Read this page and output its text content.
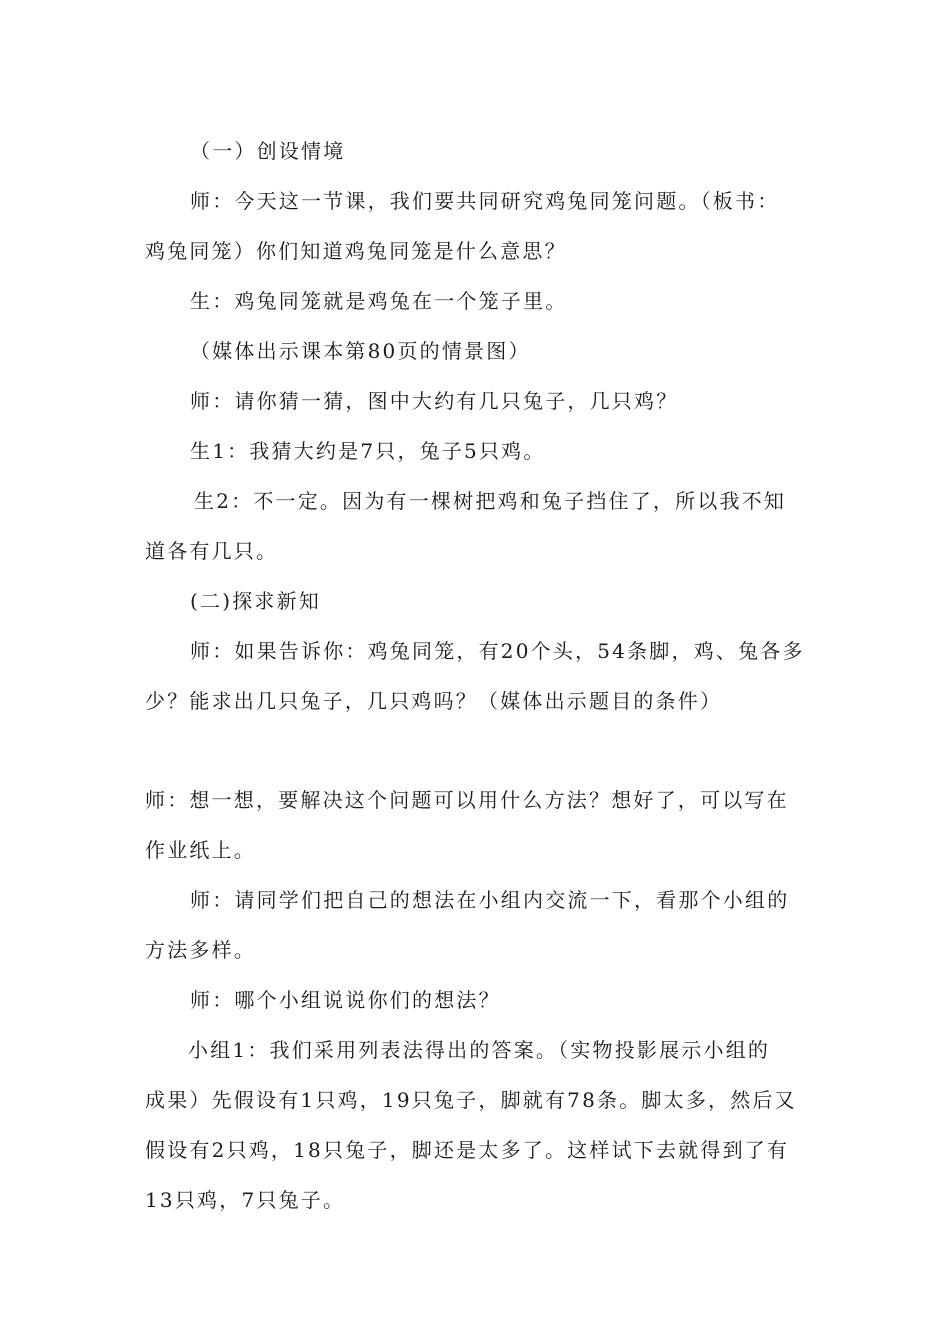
（一）创设情境
师：今天这一节课，我们要共同研究鸡兔同笼问题。（板书：
鸡兔同笼）你们知道鸡兔同笼是什么意思？
生：鸡兔同笼就是鸡兔在一个笼子里。
（媒体出示课本第80页的情景图）
师：请你猜一猜，图中大约有几只兔子，几只鸡？
生1：我猜大约是7只，兔子5只鸡。
生2：不一定。因为有一棵树把鸡和兔子挡住了，所以我不知
道各有几只。
(二)探求新知
师：如果告诉你：鸡兔同笼，有20个头，54条脚，鸡、兔各多
少？能求出几只兔子，几只鸡吗？（媒体出示题目的条件）
师：想一想，要解决这个问题可以用什么方法？想好了，可以写在
作业纸上。
师：请同学们把自己的想法在小组内交流一下，看那个小组的
方法多样。
师：哪个小组说说你们的想法？
小组1：我们采用列表法得出的答案。（实物投影展示小组的
成果）先假设有1只鸡，19只兔子，脚就有78条。脚太多，然后又
假设有2只鸡，18只兔子，脚还是太多了。这样试下去就得到了有
13只鸡，7只兔子。
